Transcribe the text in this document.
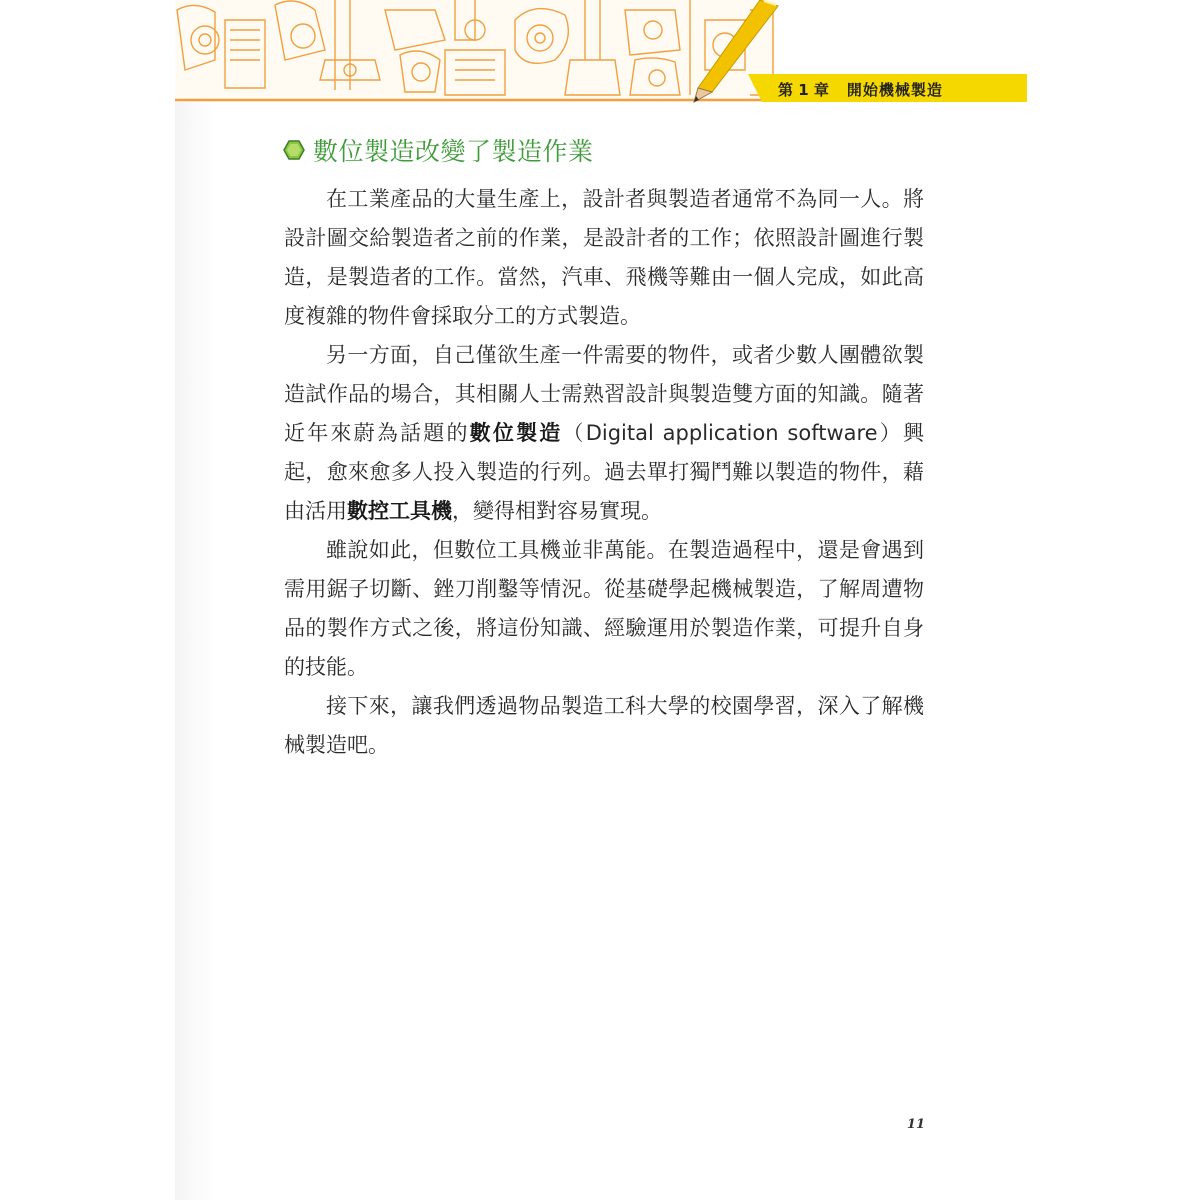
第 1 章 開始機械製造
數位製造改變了製造作業

在工業產品的大量生產上，設計者與製造者通常不為同一人。將設計圖交給製造者之前的作業，是設計者的工作；依照設計圖進行製造，是製造者的工作。當然，汽車、飛機等難由一個人完成，如此高度複雜的物件會採取分工的方式製造。

另一方面，自己僅欲生產一件需要的物件，或者少數人團體欲製造試作品的場合，其相關人士需熟習設計與製造雙方面的知識。隨著近年來蔚為話題的數位製造（Digital application software）興起，愈來愈多人投入製造的行列。過去單打獨鬥難以製造的物件，藉由活用數控工具機，變得相對容易實現。

雖說如此，但數位工具機並非萬能。在製造過程中，還是會遇到需用鋸子切斷、銼刀削鑿等情況。從基礎學起機械製造，了解周遭物品的製作方式之後，將這份知識、經驗運用於製造作業，可提升自身的技能。

接下來，讓我們透過物品製造工科大學的校園學習，深入了解機械製造吧。

11
